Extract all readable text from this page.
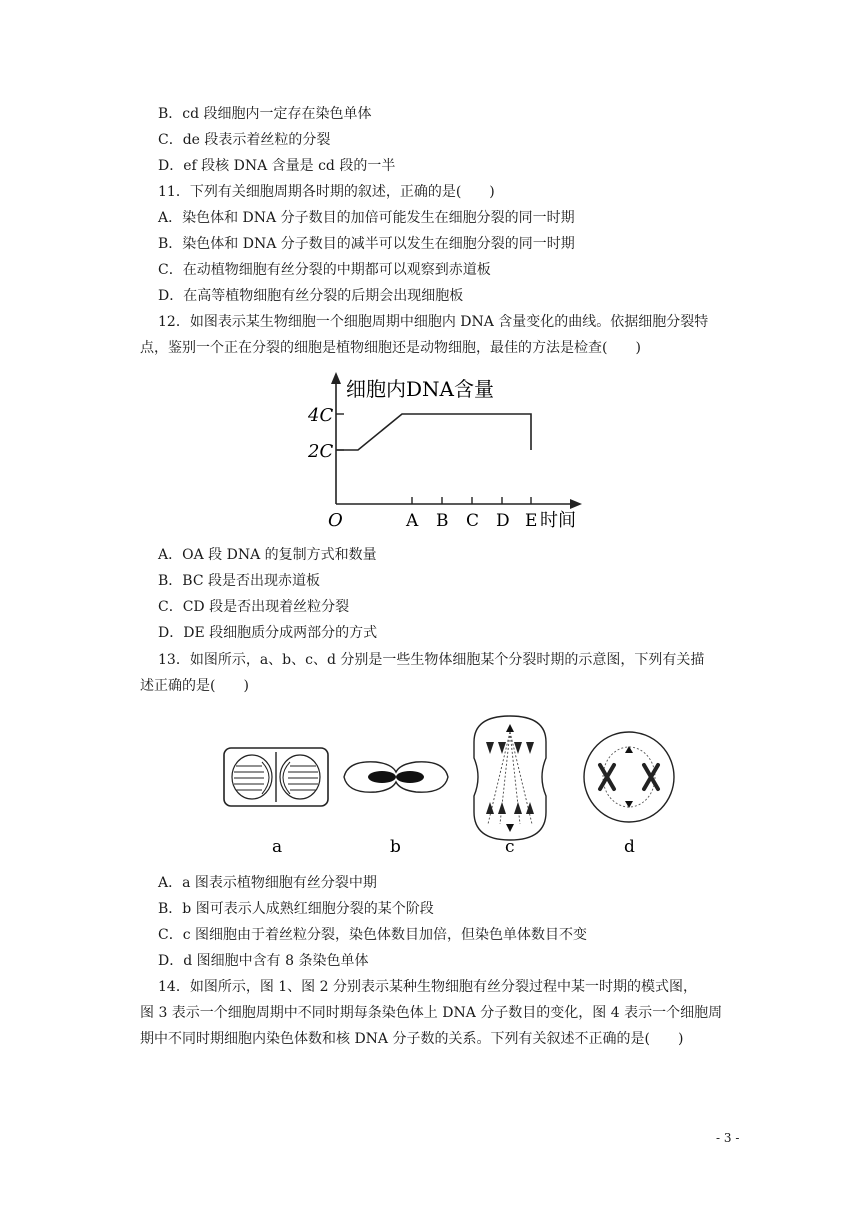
B．cd 段细胞内一定存在染色单体
C．de 段表示着丝粒的分裂
D．ef 段核 DNA 含量是 cd 段的一半
11．下列有关细胞周期各时期的叙述，正确的是(　　)
A．染色体和 DNA 分子数目的加倍可能发生在细胞分裂的同一时期
B．染色体和 DNA 分子数目的减半可以发生在细胞分裂的同一时期
C．在动植物细胞有丝分裂的中期都可以观察到赤道板
D．在高等植物细胞有丝分裂的后期会出现细胞板
12．如图表示某生物细胞一个细胞周期中细胞内 DNA 含量变化的曲线。依据细胞分裂特
点，鉴别一个正在分裂的细胞是植物细胞还是动物细胞，最佳的方法是检查(　　)
细胞内DNA含量
4C
2C
O	A B C D E 时间
A．OA 段 DNA 的复制方式和数量
B．BC 段是否出现赤道板
C．CD 段是否出现着丝粒分裂
D．DE 段细胞质分成两部分的方式
13．如图所示，a、b、c、d 分别是一些生物体细胞某个分裂时期的示意图，下列有关描
述正确的是(　　)
a	b	c	d
A．a 图表示植物细胞有丝分裂中期
B．b 图可表示人成熟红细胞分裂的某个阶段
C．c 图细胞由于着丝粒分裂，染色体数目加倍，但染色单体数目不变
D．d 图细胞中含有 8 条染色单体
14．如图所示，图 1、图 2 分别表示某种生物细胞有丝分裂过程中某一时期的模式图，
图 3 表示一个细胞周期中不同时期每条染色体上 DNA 分子数目的变化，图 4 表示一个细胞周
期中不同时期细胞内染色体数和核 DNA 分子数的关系。下列有关叙述不正确的是(　　)
- 3 -
